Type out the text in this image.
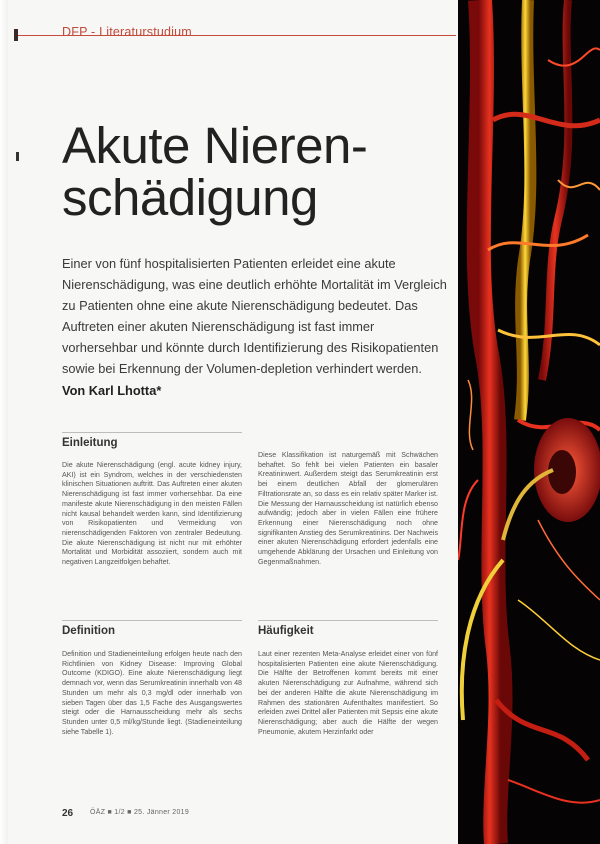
DFP - Literaturstudium
Akute Nieren-
schädigung

Einer von fünf hospitalisierten Patienten erleidet eine akute Nierenschädigung, was eine deutlich erhöhte Mortalität im Vergleich zu Patienten ohne eine akute Nierenschädigung bedeutet. Das Auftreten einer akuten Nierenschädigung ist fast immer vorhersehbar und könnte durch Identifizierung des Risikopatienten sowie bei Erkennung der Volumen-depletion verhindert werden. Von Karl Lhotta*

Einleitung

Die akute Nierenschädigung (engl. acute kidney injury, AKI) ist ein Syndrom, welches in der verschiedensten klinischen Situationen auftritt. Das Auftreten einer akuten Nierenschädigung ist fast immer vorhersehbar. Da eine manifeste akute Nierenschädigung in den meisten Fällen nicht kausal behandelt werden kann, sind Identifizierung von Risikopatienten und Vermeidung von nierenschädigenden Faktoren von zentraler Bedeutung. Die akute Nierenschädigung ist nicht nur mit erhöhter Mortalität und Morbidität assoziiert, sondern auch mit negativen Langzeitfolgen behaftet.

Diese Klassifikation ist naturgemäß mit Schwächen behaftet. So fehlt bei vielen Patienten ein basaler Kreatininwert. Außerdem steigt das Serumkreatinin erst bei einem deutlichen Abfall der glomerulären Filtrationsrate an, so dass es ein relativ später Marker ist. Die Messung der Harnausscheidung ist natürlich ebenso aufwändig; jedoch aber in vielen Fällen eine frühere Erkennung einer Nierenschädigung noch ohne signifikanten Anstieg des Serumkreatinins. Der Nachweis einer akuten Nierenschädigung erfordert jedenfalls eine umgehende Abklärung der Ursachen und Einleitung von Gegenmaßnahmen.

Definition

Definition und Stadieneinteilung erfolgen heute nach den Richtlinien von Kidney Disease: Improving Global Outcome (KDIGO). Eine akute Nierenschädigung liegt demnach vor, wenn das Serumkreatinin innerhalb von 48 Stunden um mehr als 0,3 mg/dl oder innerhalb von sieben Tagen über das 1,5 Fache des Ausgangswertes steigt oder die Harnausscheidung mehr als sechs Stunden unter 0,5 ml/kg/Stunde liegt. (Stadieneinteilung siehe Tabelle 1).

Häufigkeit

Laut einer rezenten Meta-Analyse erleidet einer von fünf hospitalisierten Patienten eine akute Nierenschädigung. Die Hälfte der Betroffenen kommt bereits mit einer akuten Nierenschädigung zur Aufnahme, während sich bei der anderen Hälfte die akute Nierenschädigung im Rahmen des stationären Aufenthaltes manifestiert. So erleiden zwei Drittel aller Patienten mit Sepsis eine akute Nierenschädigung; aber auch die Hälfte der wegen Pneumonie, akutem Herzinfarkt oder

26 ÖÄZ ■ 1/2 ■ 25. Jänner 2019
